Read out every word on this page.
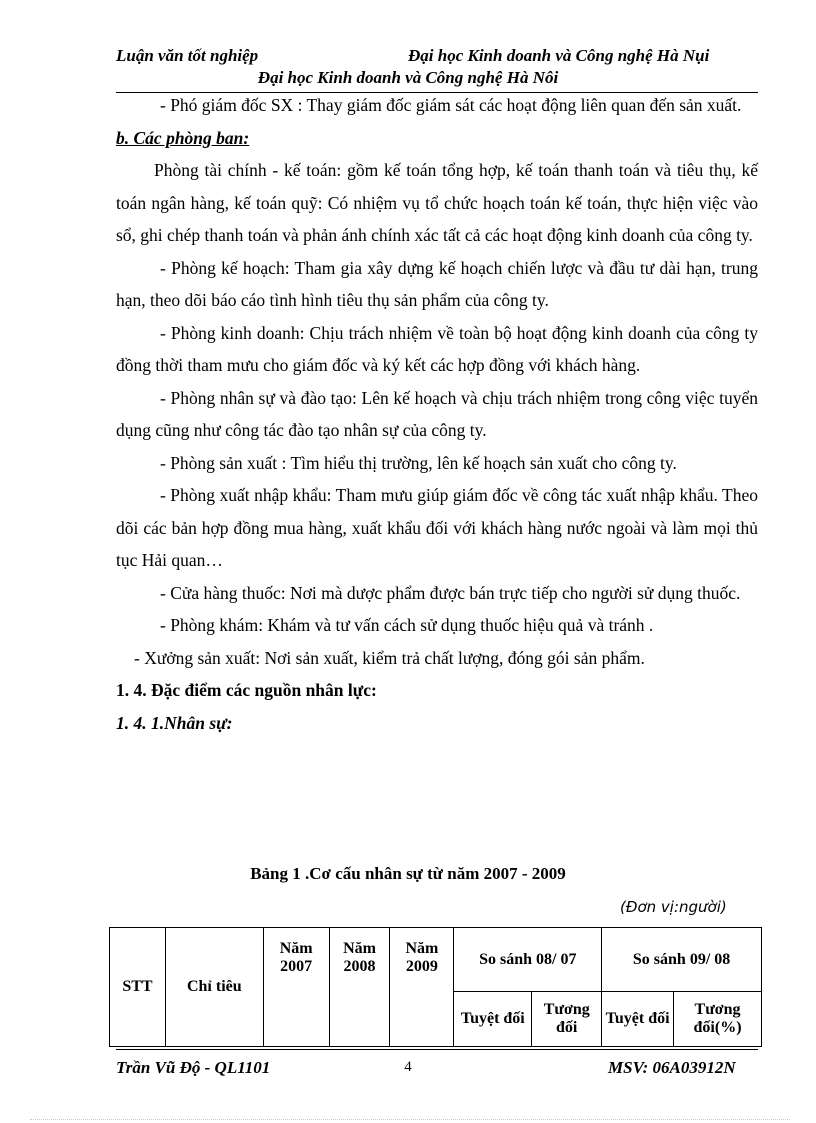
Luận văn tốt nghiệp	Đại học Kinh doanh và Công nghệ Hà Nụi
Đại học Kinh doanh và Công nghệ Hà Nôi

- Phó giám đốc SX : Thay giám đốc giám sát các hoạt động liên quan đến sản xuất.

b. Các phòng ban:

Phòng tài chính - kế toán: gồm kế toán tổng hợp, kế toán thanh toán và tiêu thụ, kế toán ngân hàng, kế toán quỹ: Có nhiệm vụ tổ chức hoạch toán kế toán, thực hiện việc vào sổ, ghi chép thanh toán và phản ánh chính xác tất cả các hoạt động kinh doanh của công ty.

- Phòng kế hoạch: Tham gia xây dựng kế hoạch chiến lược và đầu tư dài hạn, trung hạn, theo dõi báo cáo tình hình tiêu thụ sản phẩm của công ty.

- Phòng kinh doanh: Chịu trách nhiệm về toàn bộ hoạt động kinh doanh của công ty đồng thời tham mưu cho giám đốc và ký kết các hợp đồng với khách hàng.

- Phòng nhân sự và đào tạo: Lên kế hoạch và chịu trách nhiệm trong công việc tuyển dụng cũng như công tác đào tạo nhân sự của công ty.

- Phòng sản xuất : Tìm hiểu thị trường, lên kế hoạch sản xuất cho công ty.

- Phòng xuất nhập khẩu: Tham mưu giúp giám đốc về công tác xuất nhập khẩu. Theo dõi các bản hợp đồng mua hàng, xuất khẩu đối với khách hàng nước ngoài và làm mọi thủ tục Hải quan…

- Cửa hàng thuốc: Nơi mà dược phẩm được bán trực tiếp cho người sử dụng thuốc.

- Phòng khám: Khám và tư vấn cách sử dụng thuốc hiệu quả và tránh .

- Xưởng sản xuất: Nơi sản xuất, kiểm trả chất lượng, đóng gói sản phẩm.

1. 4. Đặc điểm các nguồn nhân lực:

1. 4. 1.Nhân sự:

Bảng 1 .Cơ cấu nhân sự từ năm 2007 - 2009
(Đơn vị:người)
STT	Chỉ tiêu	Năm 2007	Năm 2008	Năm 2009	So sánh 08/ 07		So sánh 09/ 08	
					Tuyệt đối	Tương đối	Tuyệt đối	Tương đối(%)
Trần Vũ Độ - QL1101	4	MSV: 06A03912N
